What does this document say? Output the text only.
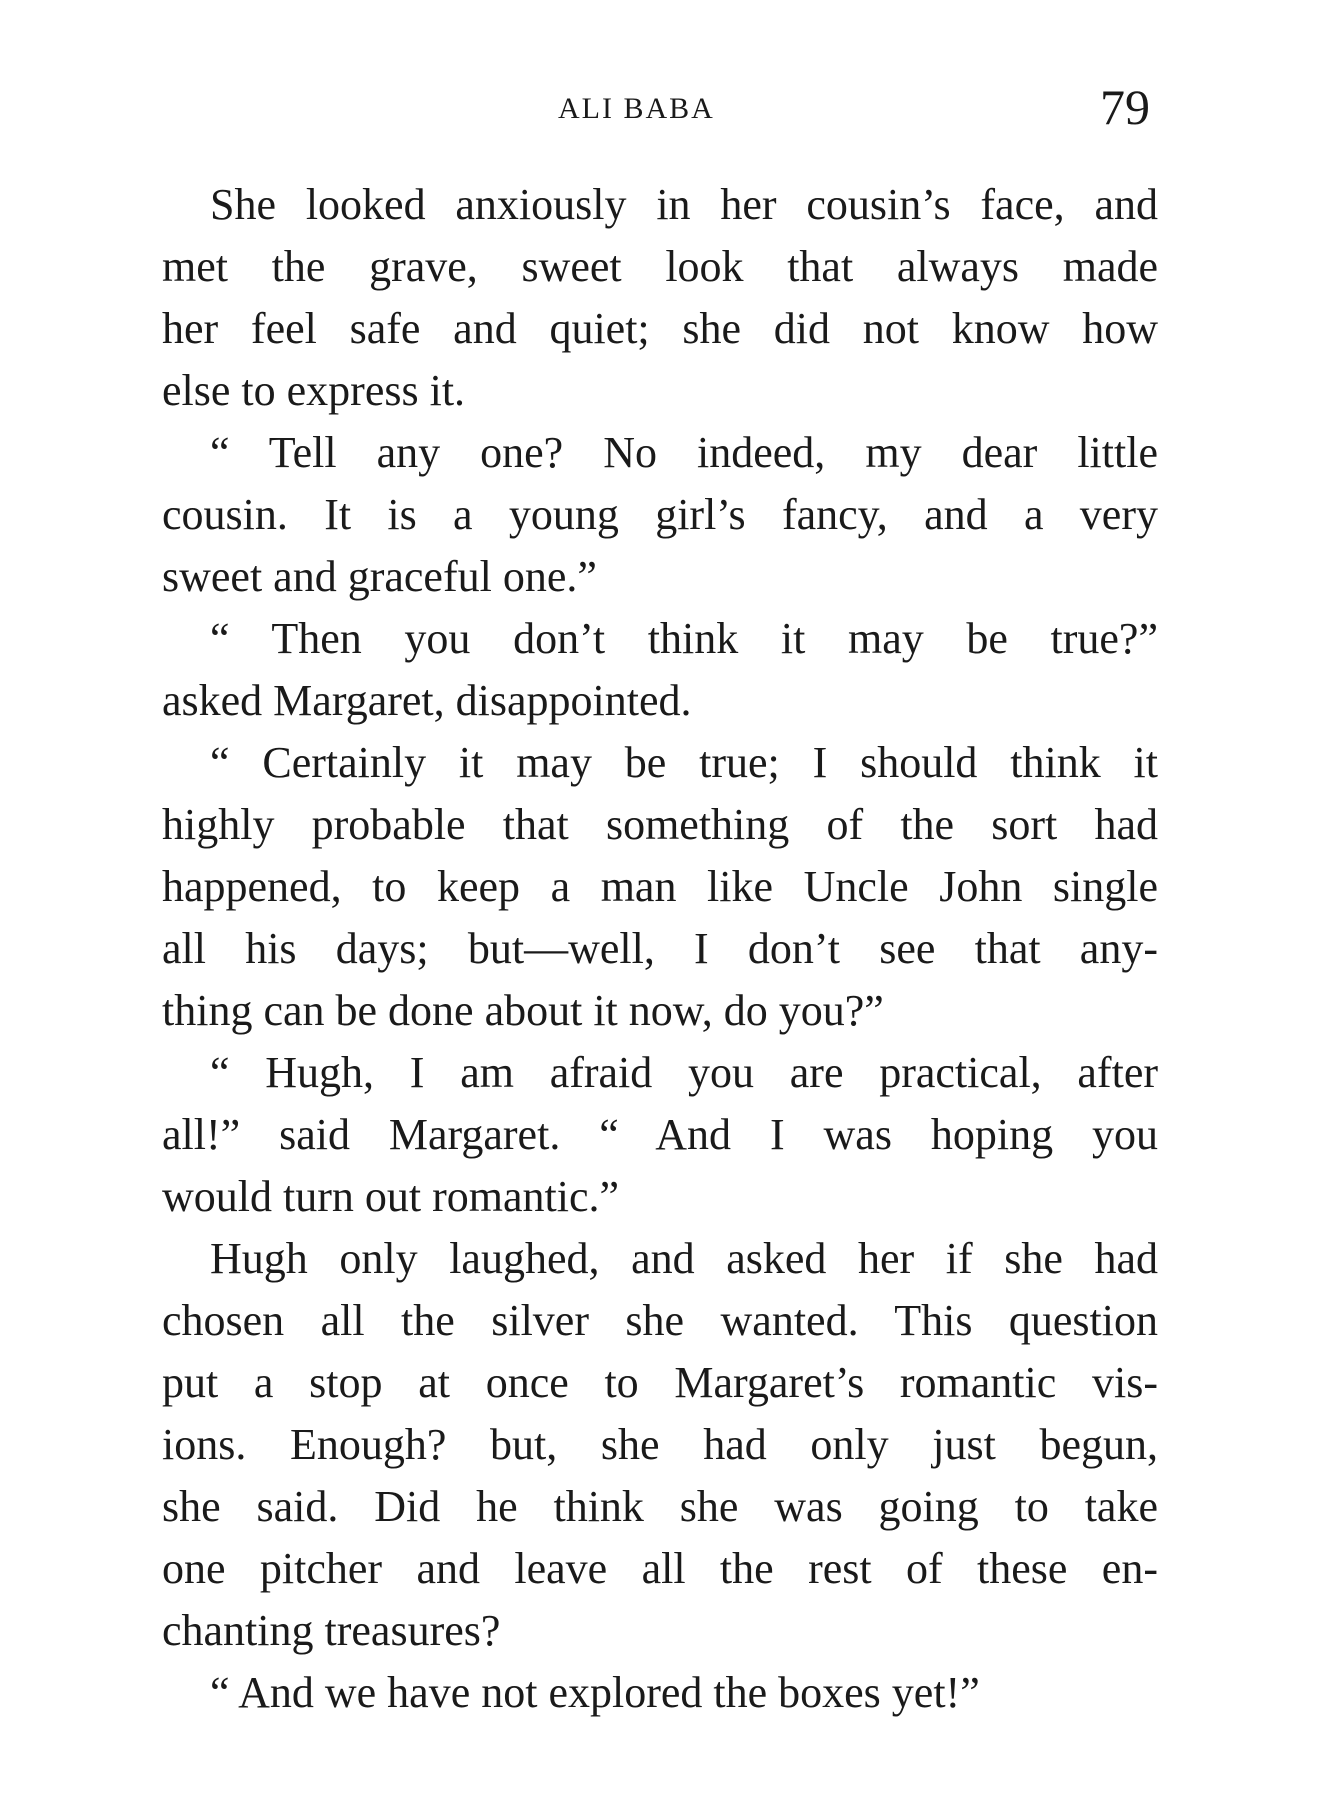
ALI BABA	79

She looked anxiously in her cousin’s face, and
met the grave, sweet look that always made
her feel safe and quiet; she did not know how
else to express it.

“ Tell any one? No indeed, my dear little
cousin. It is a young girl’s fancy, and a very
sweet and graceful one.”

“ Then you don’t think it may be true?”
asked Margaret, disappointed.

“ Certainly it may be true; I should think it
highly probable that something of the sort had
happened, to keep a man like Uncle John single
all his days; but—well, I don’t see that any-
thing can be done about it now, do you?”

“ Hugh, I am afraid you are practical, after
all!” said Margaret. “ And I was hoping you
would turn out romantic.”

Hugh only laughed, and asked her if she had
chosen all the silver she wanted. This question
put a stop at once to Margaret’s romantic vis-
ions. Enough? but, she had only just begun,
she said. Did he think she was going to take
one pitcher and leave all the rest of these en-
chanting treasures?

“ And we have not explored the boxes yet!”
